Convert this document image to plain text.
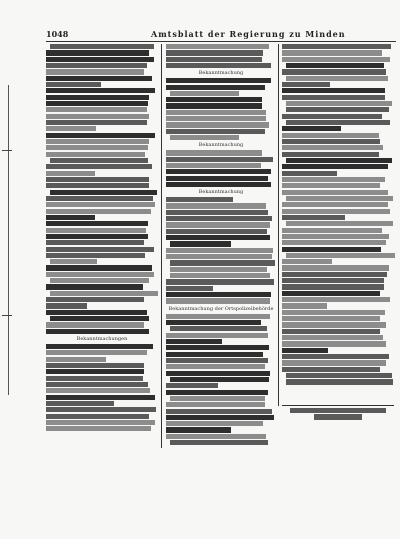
1048	Amtsblatt der Regierung zu Minden
Bekanntmachungen
Bekanntmachung
Bekanntmachung
Bekanntmachung
Bekanntmachung der Ortspolizeibehörde
